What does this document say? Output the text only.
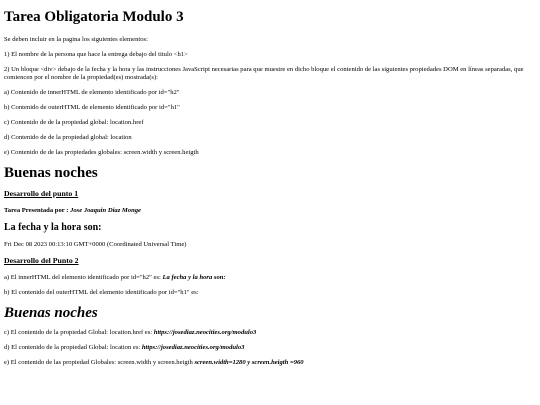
Tarea Obligatoria Modulo 3

Se deben incluir en la pagina los siguientes elementos:

1) El nombre de la persona que hace la entrega debajo del titulo <h1>

2) Un bloque <div> debajo de la fecha y la hora y las instrucciones JavaScript necesarias para que muestre en dicho bloque el contenido de las siguientes propiedades DOM en líneas separadas, que comiencen por el nombre de la propiedad(es) mostrada(s):

a) Contenido de innerHTML de elemento identificado por id="h2"

b) Contenido de outerHTML de elemento identificado por id="h1"

c) Contenido de de la propiedad global: location.href

d) Contenido de de la propiedad global: location

e) Contenido de de las propiedades globales: screen.width y screen.heigth

Buenas noches
Desarrollo del punto 1

Tarea Presentada por : Jose Joaquin Diaz Monge

La fecha y la hora son:

Fri Dec 08 2023 00:13:10 GMT+0000 (Coordinated Universal Time)

Desarrollo del Punto 2

a) El innerHTML del elemento identificado por id="h2" es: La fecha y la hora son:

b) El contenido del outerHTML del elemento identificado por id="h1" es:

Buenas noches

c) El contenido de la propiedad Global: location.href es: https://josediaz.neocities.org/modulo3

d) El contenido de la propiedad Global: location es: https://josediaz.neocities.org/modulo3

e) El contenido de las propiedad Globales: screen.width y screen.heigth screen.width=1280 y screen.heigth =960
